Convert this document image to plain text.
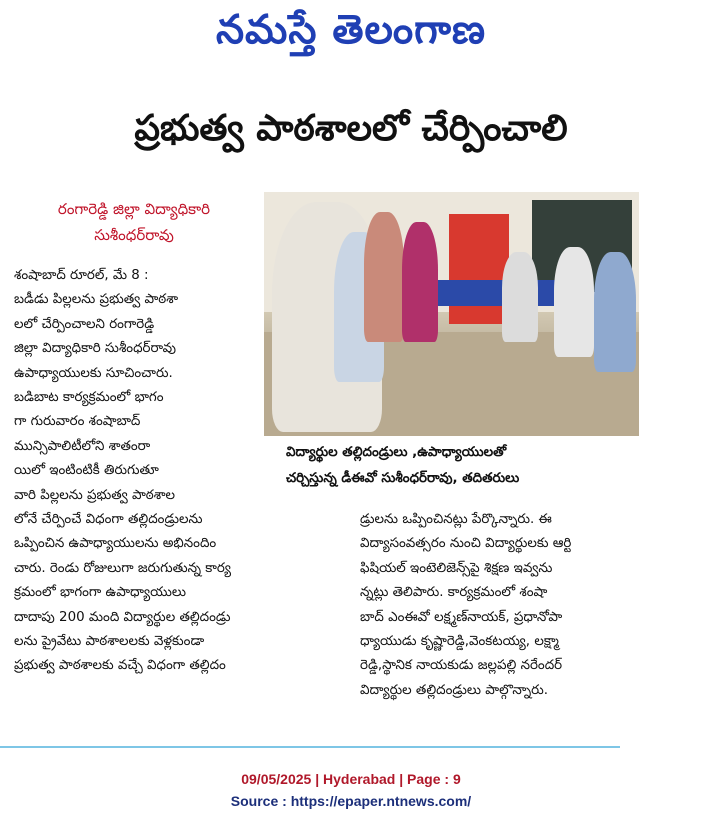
నమస్తే తెలంగాణ
ప్రభుత్వ పాఠశాలలో చేర్పించాలి
రంగారెడ్డి జిల్లా విద్యాధికారి
సుశీంధర్‌రావు
శంషాబాద్ రూరల్, మే 8 :
బడీడు పిల్లలను ప్రభుత్వ పాఠశా
లలో చేర్పించాలని రంగారెడ్డి
జిల్లా విద్యాధికారి సుశీంధర్‌రావు
ఉపాధ్యాయులకు సూచించారు.
బడిబాట కార్యక్రమంలో భాగం
గా గురువారం శంషాబాద్
మున్సిపాలిటీలోని శాతంరా
యిలో ఇంటింటికీ తిరుగుతూ
వారి పిల్లలను ప్రభుత్వ పాఠశాల
విద్యార్థుల తల్లిదండ్రులు ,ఉపాధ్యాయులతో
చర్చిస్తున్న డీఈవో సుశీంధర్‌రావు, తదితరులు
లోనే చేర్పించే విధంగా తల్లిదండ్రులను
ఒప్పించిన ఉపాధ్యాయులను అభినందిం
చారు. రెండు రోజులుగా జరుగుతున్న కార్య
క్రమంలో భాగంగా ఉపాధ్యాయులు
దాదాపు 200 మంది విద్యార్థుల తల్లిదండ్రు
లను ప్రైవేటు పాఠశాలలకు వెళ్లకుండా
ప్రభుత్వ పాఠశాలకు వచ్చే విధంగా తల్లిదం
డ్రులను ఒప్పించినట్లు పేర్కొన్నారు. ఈ
విద్యాసంవత్సరం నుంచి విద్యార్థులకు ఆర్టి
ఫిషియల్ ఇంటెలిజెన్స్‌పై శిక్షణ ఇవ్వను
న్నట్లు తెలిపారు. కార్యక్రమంలో శంషా
బాద్ ఎంఈవో లక్ష్మణ్‌నాయక్, ప్రధానోపా
ధ్యాయుడు కృష్ణారెడ్డి,వెంకటయ్య, లక్ష్మా
రెడ్డి,స్థానిక నాయకుడు జల్లపల్లి నరేందర్
విద్యార్థుల తల్లిదండ్రులు పాల్గొన్నారు.
09/05/2025 | Hyderabad | Page : 9
Source : https://epaper.ntnews.com/
